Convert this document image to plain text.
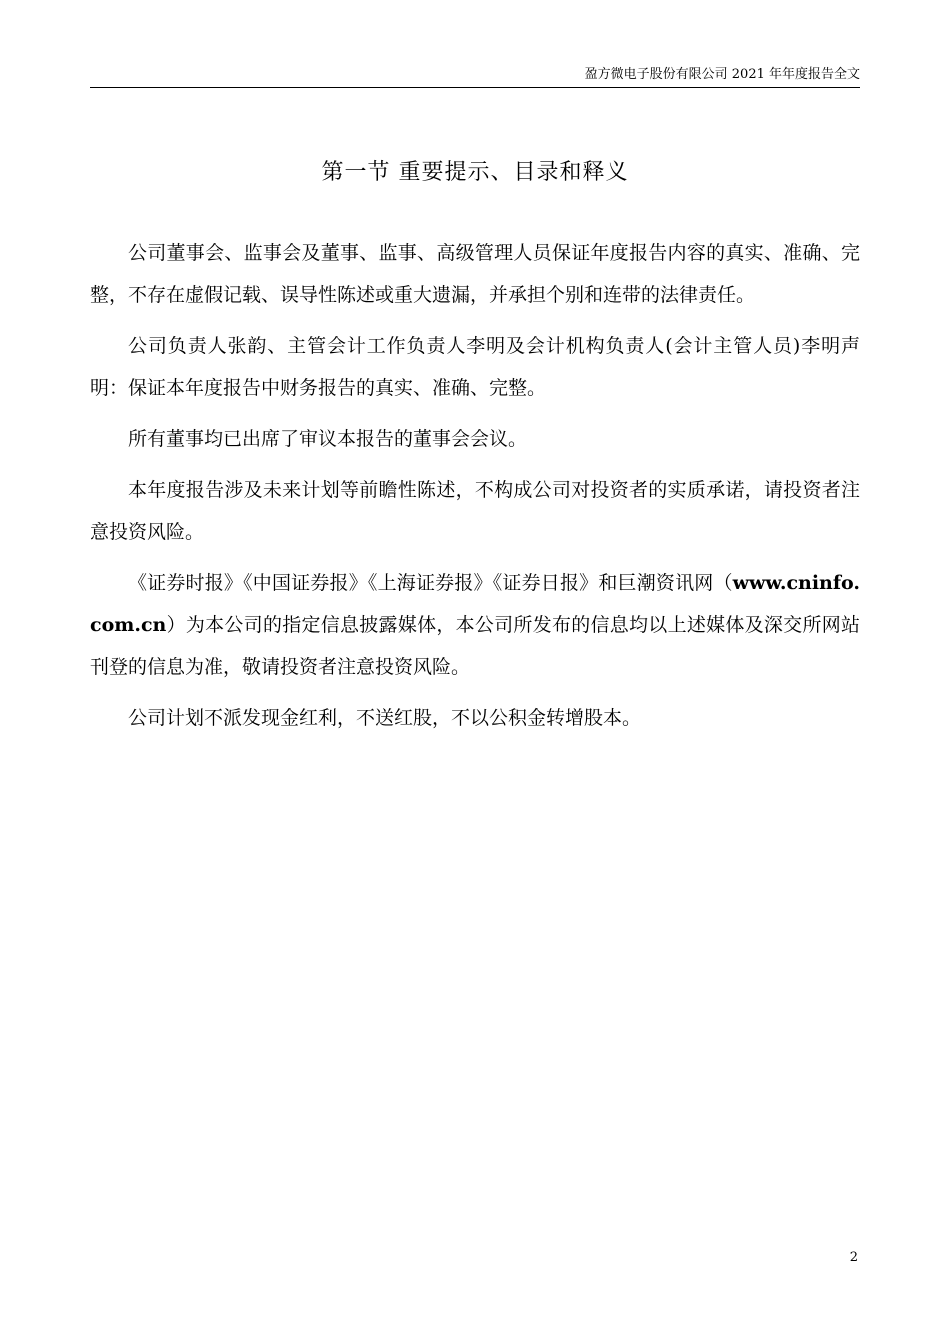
盈方微电子股份有限公司 2021 年年度报告全文
第一节 重要提示、目录和释义

公司董事会、监事会及董事、监事、高级管理人员保证年度报告内容的真实、准确、完整，不存在虚假记载、误导性陈述或重大遗漏，并承担个别和连带的法律责任。

公司负责人张韵、主管会计工作负责人李明及会计机构负责人(会计主管人员)李明声明：保证本年度报告中财务报告的真实、准确、完整。

所有董事均已出席了审议本报告的董事会会议。

本年度报告涉及未来计划等前瞻性陈述，不构成公司对投资者的实质承诺，请投资者注意投资风险。

《证券时报》《中国证券报》《上海证券报》《证券日报》和巨潮资讯网（www.cninfo.com.cn）为本公司的指定信息披露媒体，本公司所发布的信息均以上述媒体及深交所网站刊登的信息为准，敬请投资者注意投资风险。

公司计划不派发现金红利，不送红股，不以公积金转增股本。

2
